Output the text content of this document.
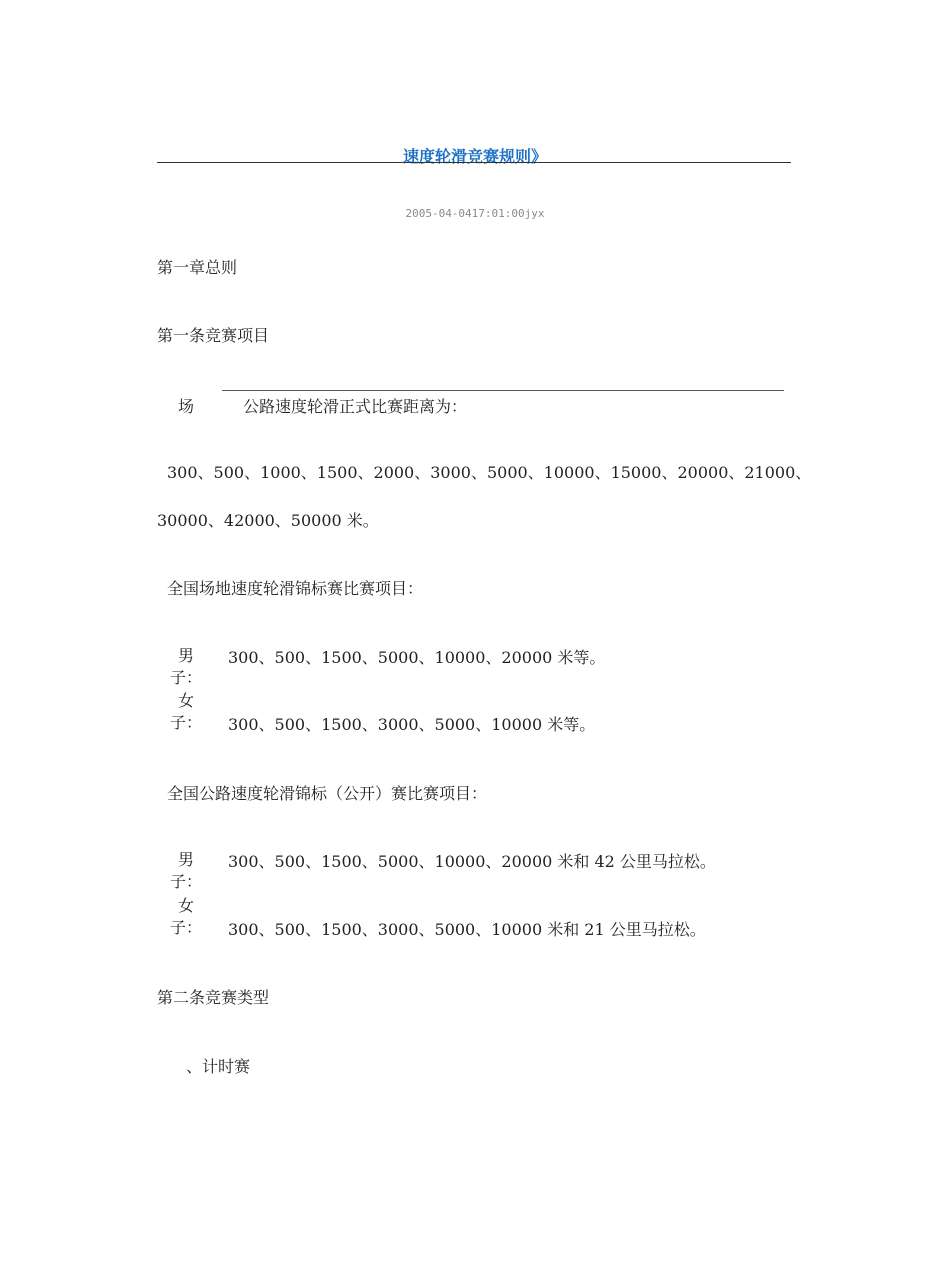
速度轮滑竞赛规则》
2005-04-0417:01:00jyx
第一章总则
第一条竞赛项目
场	公路速度轮滑正式比赛距离为：
300、500、1000、1500、2000、3000、5000、10000、15000、20000、21000、
30000、42000、50000 米。
全国场地速度轮滑锦标赛比赛项目：
男
子：
300、500、1500、5000、10000、20000 米等。
女
子： 300、500、1500、3000、5000、10000 米等。
全国公路速度轮滑锦标（公开）赛比赛项目：
男
子：
300、500、1500、5000、10000、20000 米和 42 公里马拉松。
女
子： 300、500、1500、3000、5000、10000 米和 21 公里马拉松。
第二条竞赛类型
、计时赛
